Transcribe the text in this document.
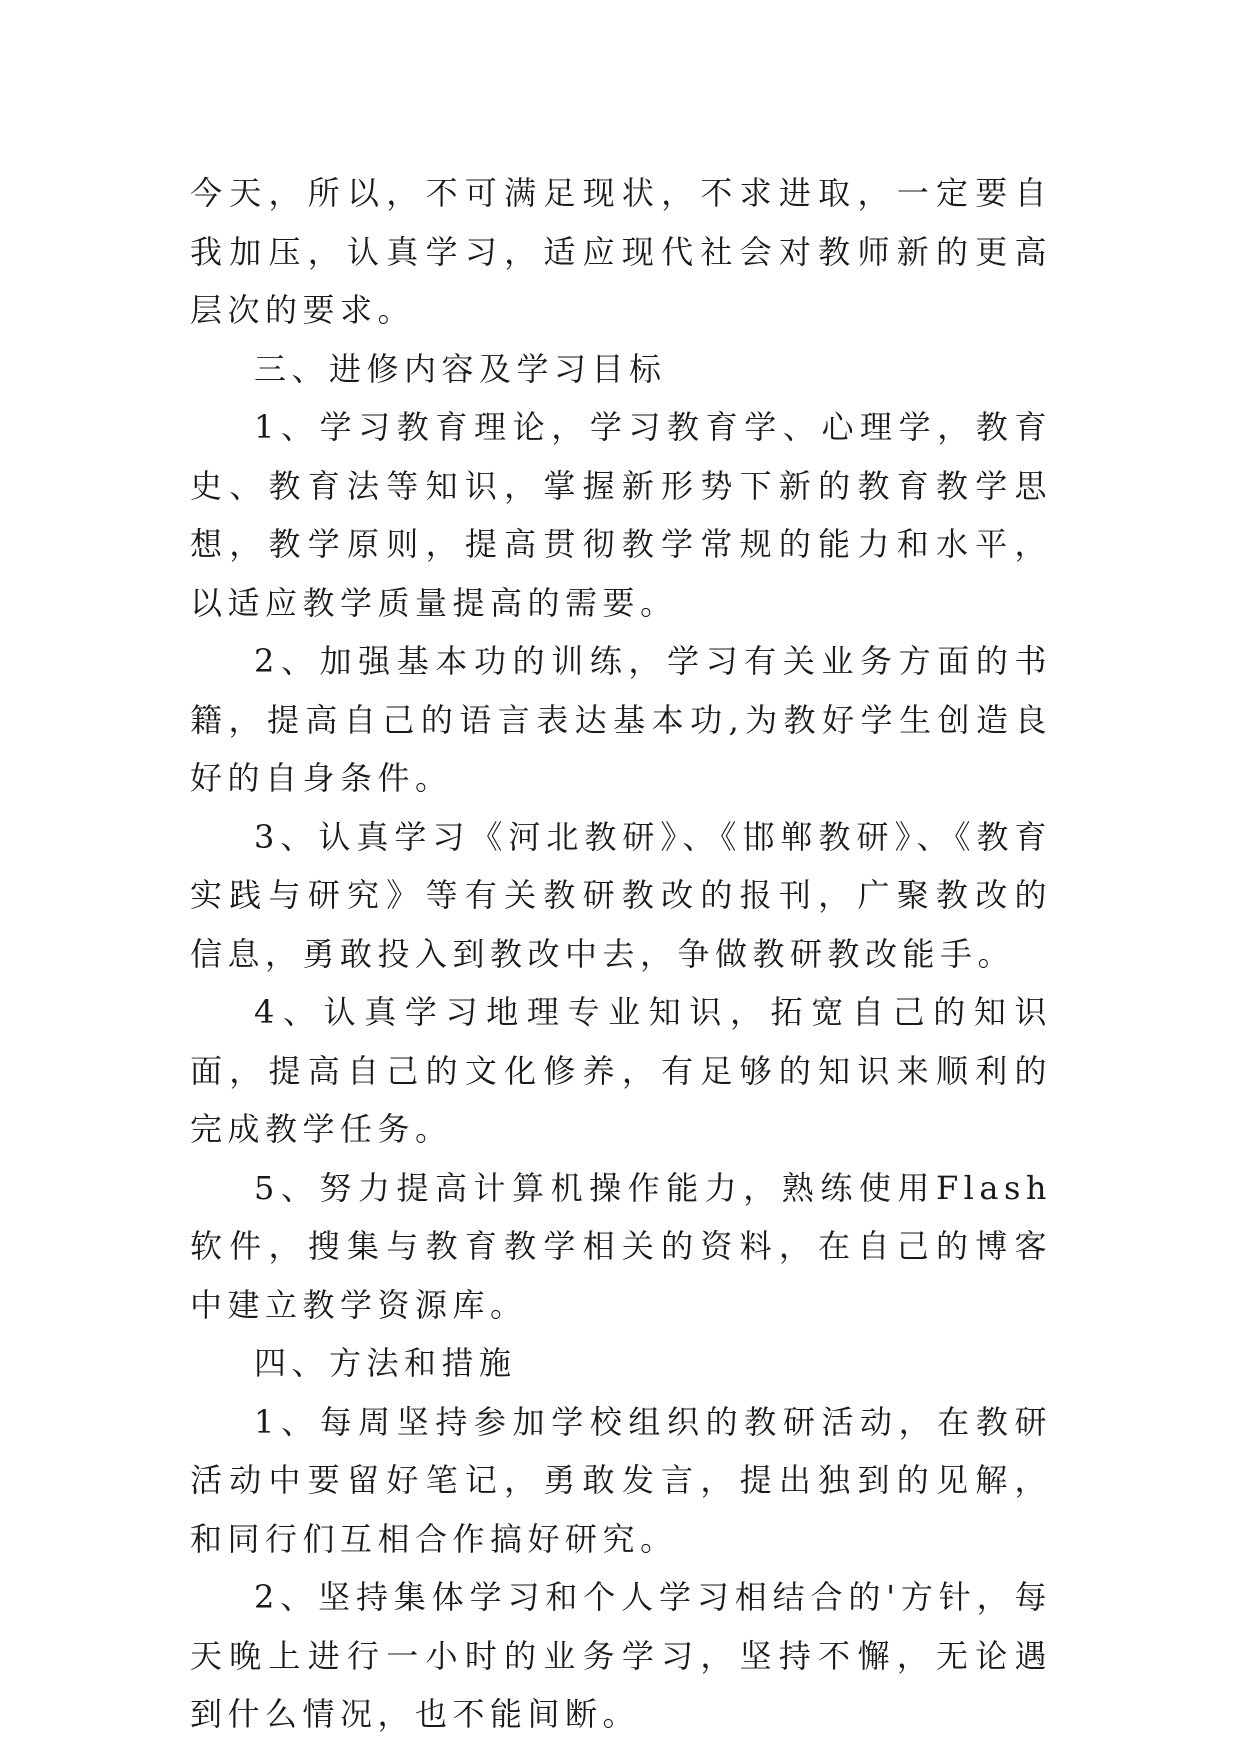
今天，所以，不可满足现状，不求进取，一定要自我加压，认真学习，适应现代社会对教师新的更高层次的要求。

三、进修内容及学习目标

1、学习教育理论，学习教育学、心理学，教育史、教育法等知识，掌握新形势下新的教育教学思想，教学原则，提高贯彻教学常规的能力和水平，以适应教学质量提高的需要。

2、加强基本功的训练，学习有关业务方面的书籍，提高自己的语言表达基本功,为教好学生创造良好的自身条件。

3、认真学习《河北教研》、《邯郸教研》、《教育实践与研究》等有关教研教改的报刊，广聚教改的信息，勇敢投入到教改中去，争做教研教改能手。

4、认真学习地理专业知识，拓宽自己的知识面，提高自己的文化修养，有足够的知识来顺利的完成教学任务。

5、努力提高计算机操作能力，熟练使用Flash软件，搜集与教育教学相关的资料，在自己的博客中建立教学资源库。

四、方法和措施

1、每周坚持参加学校组织的教研活动，在教研活动中要留好笔记，勇敢发言，提出独到的见解，和同行们互相合作搞好研究。

2、坚持集体学习和个人学习相结合的'方针，每天晚上进行一小时的业务学习，坚持不懈，无论遇到什么情况，也不能间断。
